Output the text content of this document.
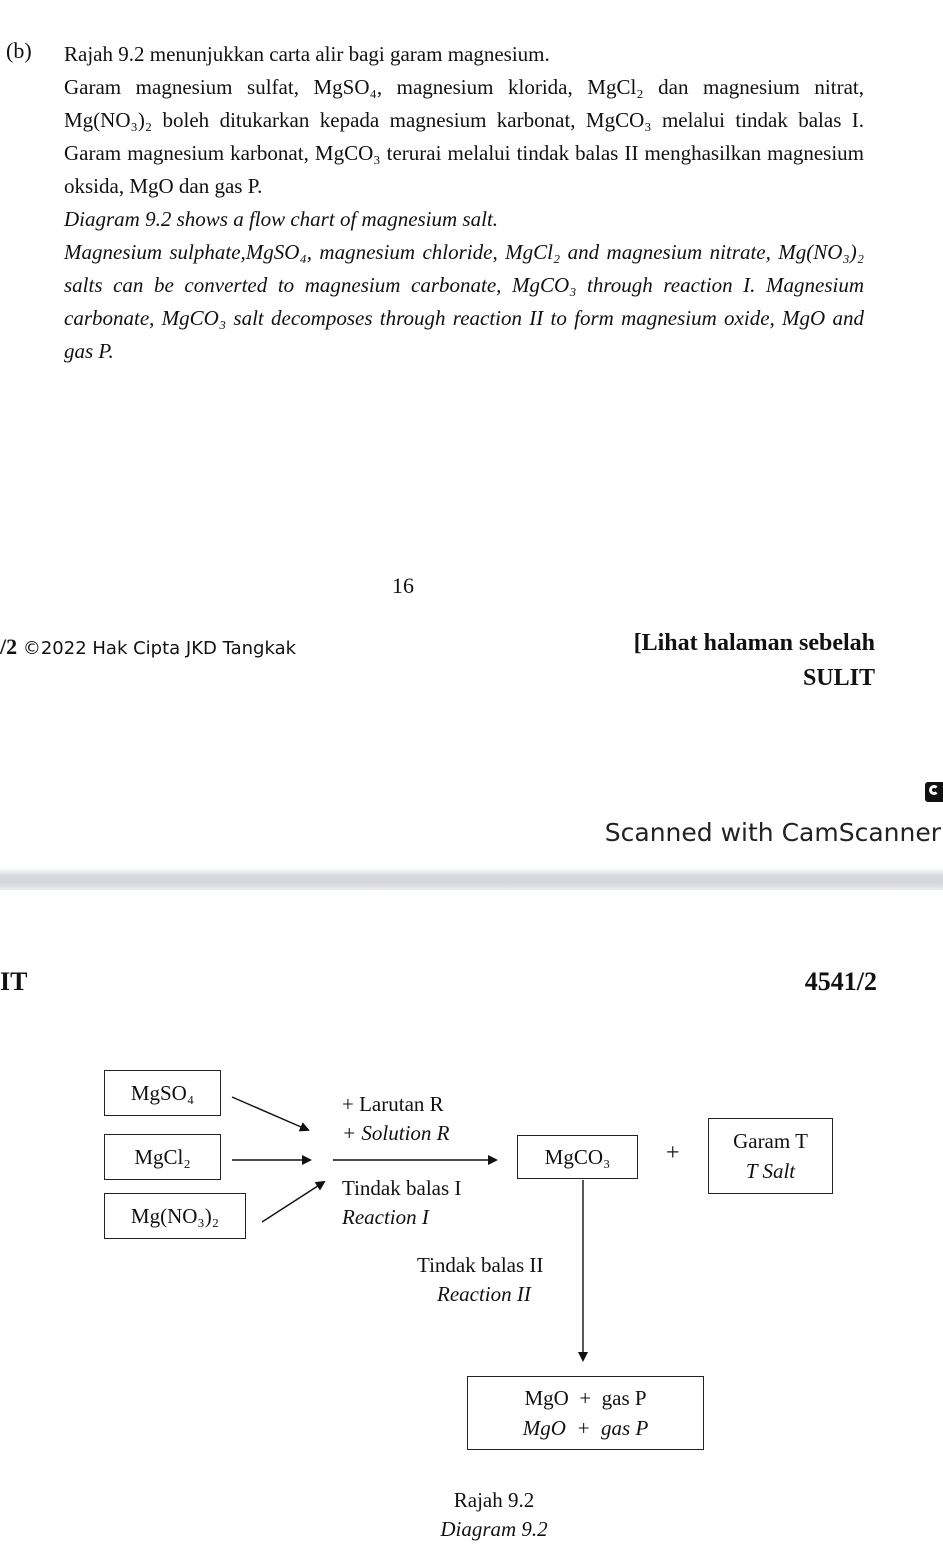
(b) Rajah 9.2 menunjukkan carta alir bagi garam magnesium.

Garam magnesium sulfat, MgSO₄, magnesium klorida, MgCl₂ dan magnesium nitrat, Mg(NO₃)₂ boleh ditukarkan kepada magnesium karbonat, MgCO₃ melalui tindak balas I. Garam magnesium karbonat, MgCO₃ terurai melalui tindak balas II menghasilkan magnesium oksida, MgO dan gas P.

Diagram 9.2 shows a flow chart of magnesium salt.

Magnesium sulphate,MgSO₄, magnesium chloride, MgCl₂ and magnesium nitrate, Mg(NO₃)₂ salts can be converted to magnesium carbonate, MgCO₃ through reaction I. Magnesium carbonate, MgCO₃ salt decomposes through reaction II to form magnesium oxide, MgO and gas P.

16
/2 ©2022 Hak Cipta JKD Tangkak	[Lihat halaman sebelah
SULIT
Scanned with CamScanner
IT	4541/2
MgSO₄
MgCl₂
Mg(NO₃)₂
+ Larutan R
+ Solution R
Tindak balas I
Reaction I
MgCO₃	+	Garam T
T Salt
Tindak balas II
Reaction II
MgO  +  gas P
MgO  +  gas P
Rajah 9.2
Diagram 9.2
